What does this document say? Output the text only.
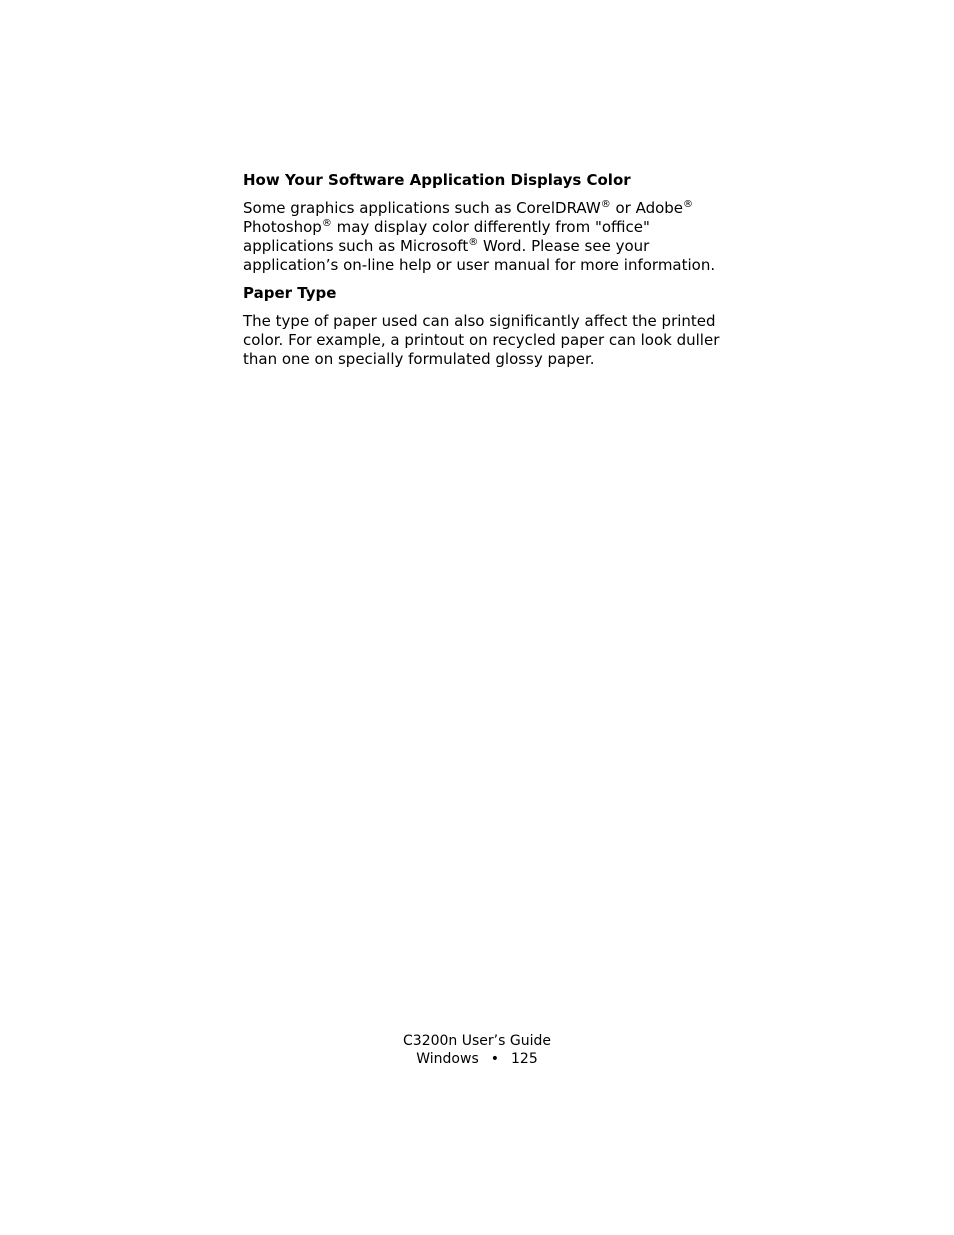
How Your Software Application Displays Color

Some graphics applications such as CorelDRAW® or Adobe®
Photoshop® may display color differently from "office" applications such as Microsoft® Word. Please see your application’s on-line help or user manual for more information.

Paper Type

The type of paper used can also significantly affect the printed color. For example, a printout on recycled paper can look duller than one on specially formulated glossy paper.

C3200n User’s Guide
Windows • 125
